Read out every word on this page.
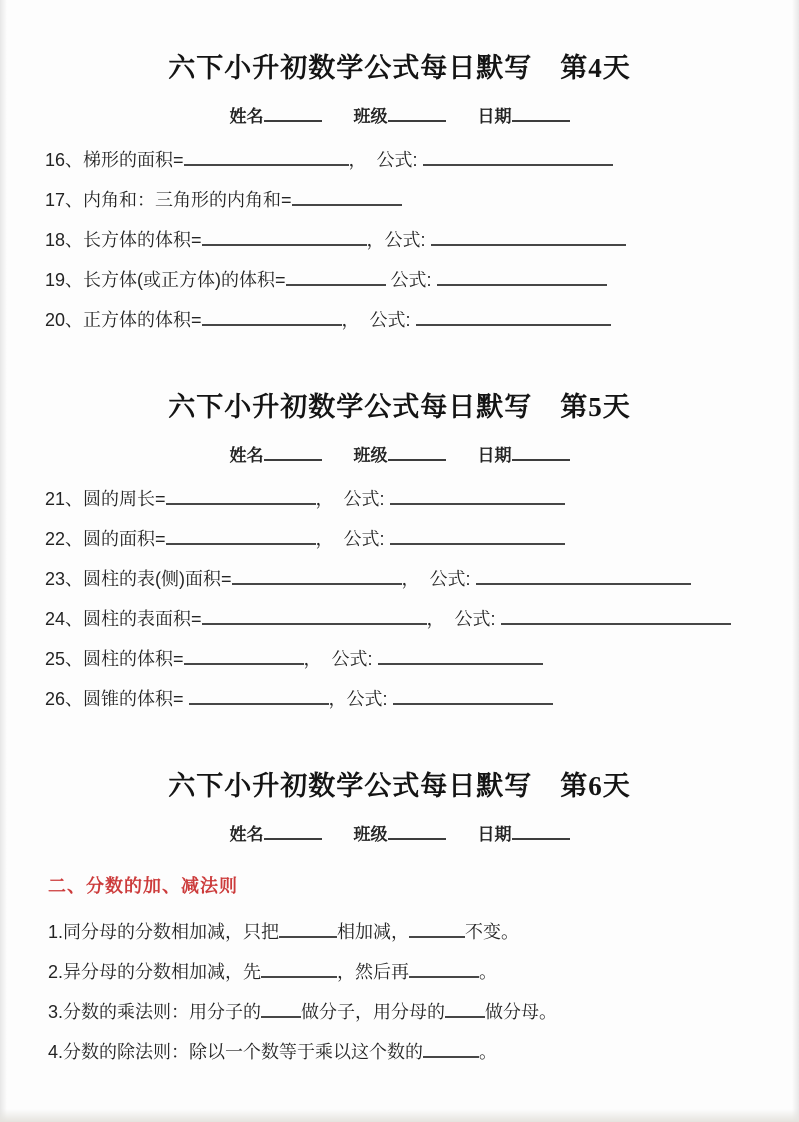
六下小升初数学公式每日默写　第4天
姓名	班级	日期
16、梯形的面积=	，  公式:
17、内角和：三角形的内角和=
18、长方体的体积=	，公式:
19、长方体(或正方体)的体积=	公式:
20、正方体的体积=	，  公式:
六下小升初数学公式每日默写　第5天
姓名	班级	日期
21、圆的周长=	，  公式:
22、圆的面积=	，  公式:
23、圆柱的表(侧)面积=	，  公式:
24、圆柱的表面积=	，  公式:
25、圆柱的体积=	，  公式:
26、圆锥的体积=	，公式:
六下小升初数学公式每日默写　第6天
姓名	班级	日期
二、分数的加、减法则
1.同分母的分数相加减，只把	相加减，	不变。
2.异分母的分数相加减，先	，然后再	。
3.分数的乘法则：用分子的 做分子，用分母的 做分母。
4.分数的除法则：除以一个数等于乘以这个数的	。
